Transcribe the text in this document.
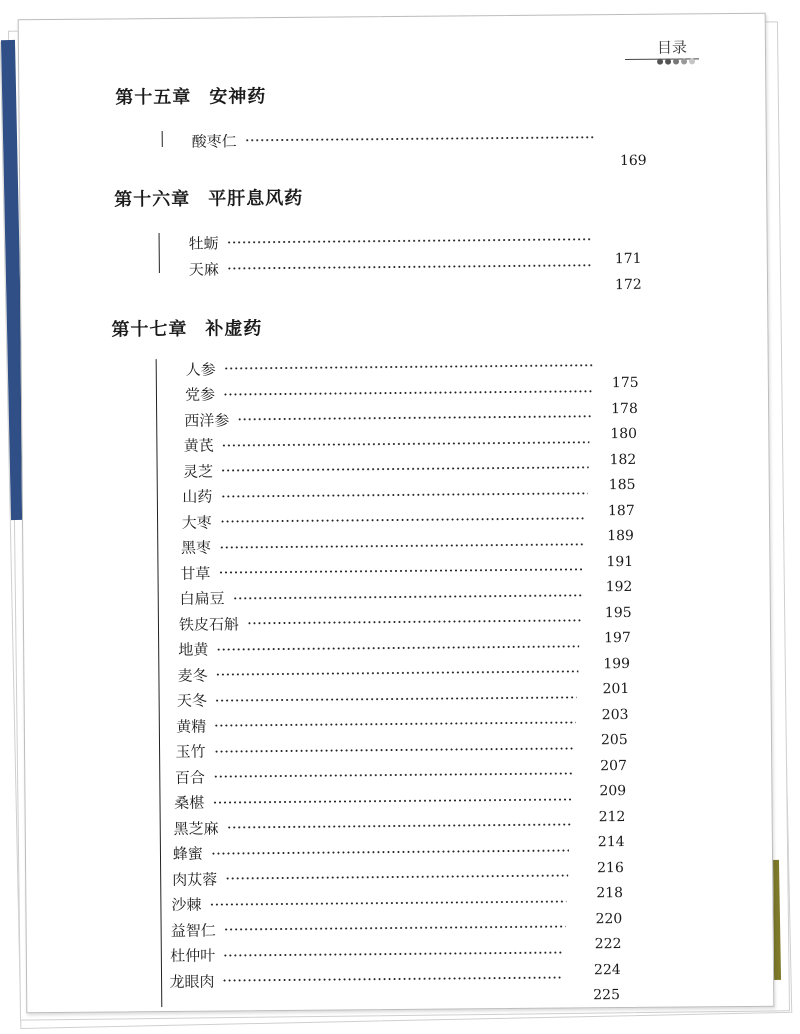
目录
第十五章 安神药
酸枣仁
169
第十六章 平肝息风药
牡蛎
天麻
171
172
第十七章 补虚药
人参
175
党参
178
西洋参
180
黄芪
182
灵芝
185
山药
187
大枣
189
黑枣
191
甘草
192
白扁豆
195
铁皮石斛
197
地黄
199
麦冬
201
天冬
203
黄精
205
玉竹
207
百合
209
桑椹
212
黑芝麻
214
蜂蜜
216
肉苁蓉
218
沙棘
220
益智仁
222
杜仲叶
224
龙眼肉
225
